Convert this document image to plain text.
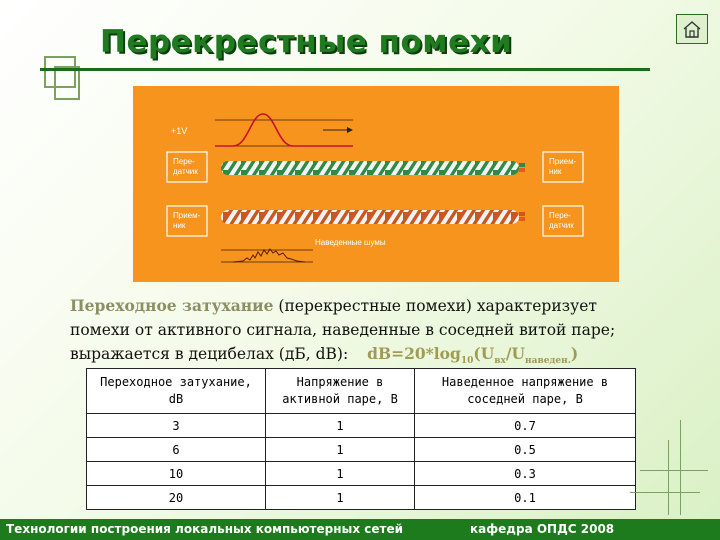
Перекрестные помехи
+1V
Пере-датчик
Прием-ник
Прием-ник
Пере-датчик
Наведенные шумы
Переходное затухание (перекрестные помехи) характеризует помехи от активного сигнала, наведенные в соседней витой паре; выражается в децибелах (дБ, dB): $dB=20*\log_{10}(U_{вх}/U_{наведен.})$
Переходное затухание, dB	Напряжение в активной паре, В	Наведенное напряжение в соседней паре, В
3	1	0.7
6	1	0.5
10	1	0.3
20	1	0.1
Технологии построения локальных компьютерных сетей	кафедра ОПДС 2008
